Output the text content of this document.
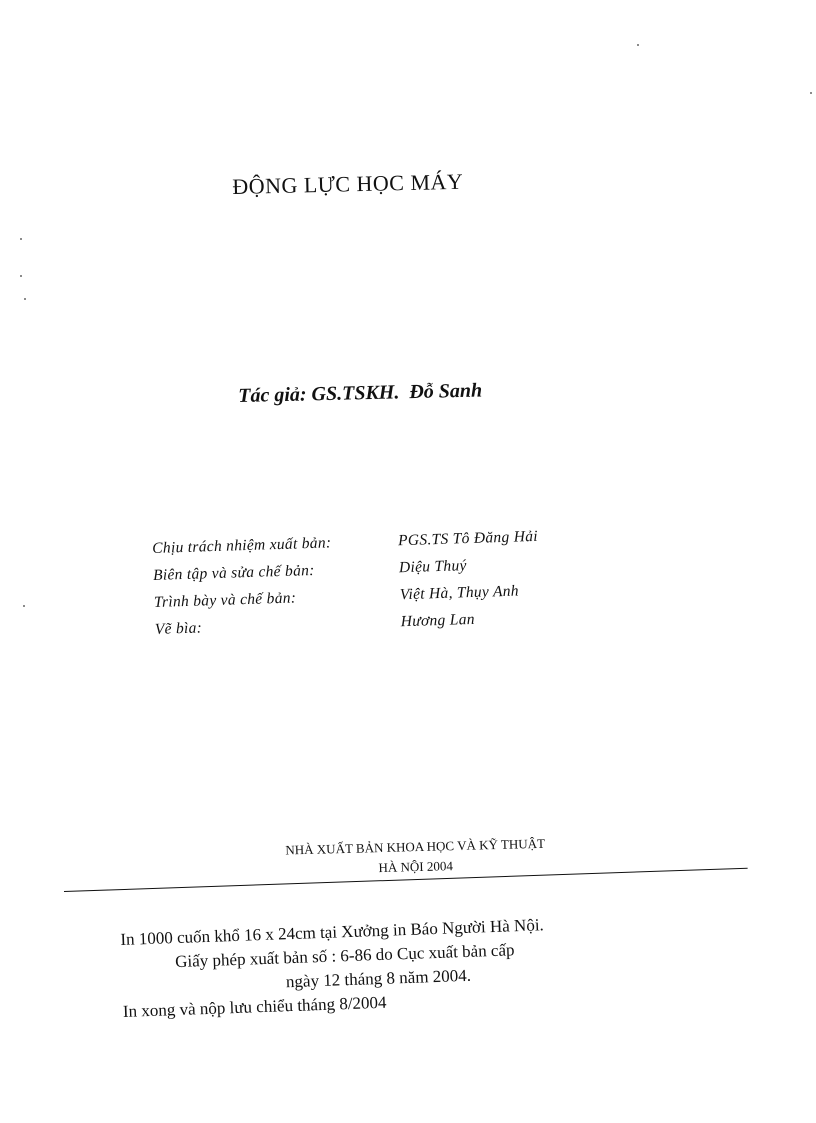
ĐỘNG LỰC HỌC MÁY
Tác giả: GS.TSKH. Đỗ Sanh
Chịu trách nhiệm xuất bản:	PGS.TS Tô Đăng Hải
Biên tập và sửa chế bản:	Diệu Thuý
Trình bày và chế bản:	Việt Hà, Thụy Anh
Vẽ bìa:	Hương Lan
NHÀ XUẤT BẢN KHOA HỌC VÀ KỸ THUẬT
HÀ NỘI 2004
In 1000 cuốn khổ 16 x 24cm tại Xưởng in Báo Người Hà Nội.
Giấy phép xuất bản số : 6-86 do Cục xuất bản cấp
ngày 12 tháng 8 năm 2004.
In xong và nộp lưu chiểu tháng 8/2004
